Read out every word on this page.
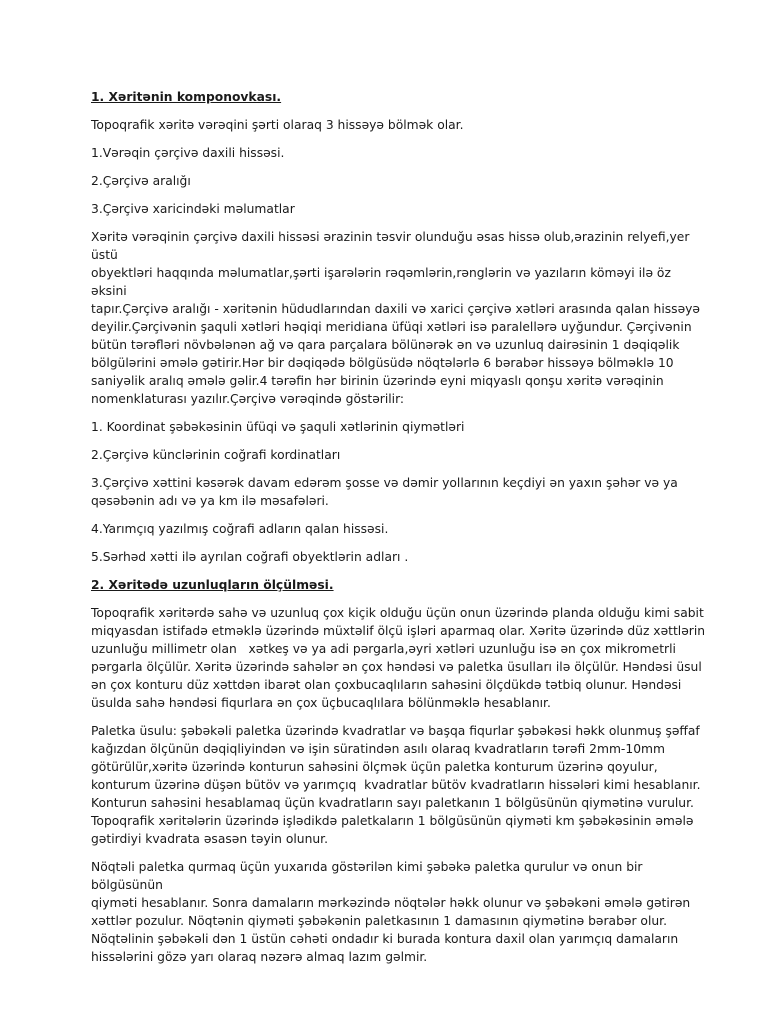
1. Xəritənin komponovkası.

Topoqrafik xəritə vərəqini şərti olaraq 3 hissəyə bölmək olar.

1.Vərəqin çərçivə daxili hissəsi.

2.Çərçivə aralığı

3.Çərçivə xaricindəki məlumatlar

Xəritə vərəqinin çərçivə daxili hissəsi ərazinin təsvir olunduğu əsas hissə olub,ərazinin relyefi,yer üstü

obyektləri haqqında məlumatlar,şərti işarələrin rəqəmlərin,rənglərin və yazıların köməyi ilə öz əksini

tapır.Çərçivə aralığı - xəritənin hüdudlarından daxili və xarici çərçivə xətləri arasında qalan hissəyə

deyilir.Çərçivənin şaquli xətləri həqiqi meridiana üfüqi xətləri isə paralellərə uyğundur. Çərçivənin

bütün tərəfləri növbələnən ağ və qara parçalara bölünərək ən və uzunluq dairəsinin 1 dəqiqəlik

bölgülərini əmələ gətirir.Hər bir dəqiqədə bölgüsüdə nöqtələrlə 6 bərabər hissəyə bölməklə 10

saniyəlik aralıq əmələ gəlir.4 tərəfin hər birinin üzərində eyni miqyaslı qonşu xəritə vərəqinin

nomenklaturası yazılır.Çərçivə vərəqində göstərilir:

1. Koordinat şəbəkəsinin üfüqi və şaquli xətlərinin qiymətləri

2.Çərçivə künclərinin coğrafi kordinatları

3.Çərçivə xəttini kəsərək davam edərəm şosse və dəmir yollarının keçdiyi ən yaxın şəhər və ya

qəsəbənin adı və ya km ilə məsafələri.

4.Yarımçıq yazılmış coğrafi adların qalan hissəsi.

5.Sərhəd xətti ilə ayrılan coğrafi obyektlərin adları .

2. Xəritədə uzunluqların ölçülməsi.

Topoqrafik xəritərdə sahə və uzunluq çox kiçik olduğu üçün onun üzərində planda olduğu kimi sabit

miqyasdan istifadə etməklə üzərində müxtəlif ölçü işləri aparmaq olar. Xəritə üzərində düz xəttlərin

uzunluğu millimetr olan   xətkeş və ya adi pərgarla,əyri xətləri uzunluğu isə ən çox mikrometrli

pərgarla ölçülür. Xəritə üzərində sahələr ən çox həndəsi və paletka üsulları ilə ölçülür. Həndəsi üsul

ən çox konturu düz xəttdən ibarət olan çoxbucaqlıların sahəsini ölçdükdə tətbiq olunur. Həndəsi

üsulda sahə həndəsi fiqurlara ən çox üçbucaqlılara bölünməklə hesablanır.

Paletka üsulu: şəbəkəli paletka üzərində kvadratlar və başqa fiqurlar şəbəkəsi həkk olunmuş şəffaf

kağızdan ölçünün dəqiqliyindən və işin süratindən asılı olaraq kvadratların tərəfi 2mm-10mm

götürülür,xəritə üzərində konturun sahəsini ölçmək üçün paletka konturum üzərinə qoyulur,

konturum üzərinə düşən bütöv və yarımçıq  kvadratlar bütöv kvadratların hissələri kimi hesablanır.

Konturun sahəsini hesablamaq üçün kvadratların sayı paletkanın 1 bölgüsünün qiymətinə vurulur.

Topoqrafik xəritələrin üzərində işlədikdə paletkaların 1 bölgüsünün qiyməti km şəbəkəsinin əmələ

gətirdiyi kvadrata əsasən təyin olunur.

Nöqtəli paletka qurmaq üçün yuxarıda göstərilən kimi şəbəkə paletka qurulur və onun bir bölgüsünün

qiyməti hesablanır. Sonra damaların mərkəzində nöqtələr həkk olunur və şəbəkəni əmələ gətirən

xəttlər pozulur. Nöqtənin qiyməti şəbəkənin paletkasının 1 damasının qiymətinə bərabər olur.

Nöqtəlinin şəbəkəli dən 1 üstün cəhəti ondadır ki burada kontura daxil olan yarımçıq damaların

hissələrini gözə yarı olaraq nəzərə almaq lazım gəlmir.
